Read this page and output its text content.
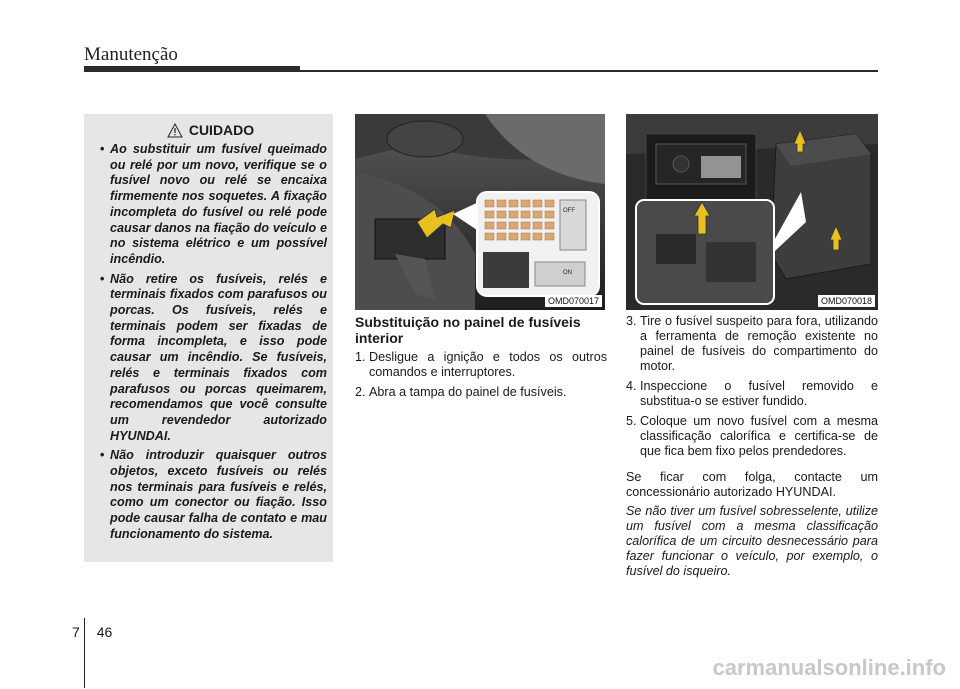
Manutenção
CUIDADO
• Ao substituir um fusível queimado ou relé por um novo, verifique se o fusível novo ou relé se encaixa firmemente nos soquetes. A fixação incompleta do fusível ou relé pode causar danos na fiação do veículo e no sistema elétrico e um possível incêndio.
• Não retire os fusíveis, relés e terminais fixados com parafusos ou porcas. Os fusíveis, relés e terminais podem ser fixadas de forma incompleta, e isso pode causar um incêndio. Se fusíveis, relés e terminais fixados com parafusos ou porcas queimarem, recomendamos que você consulte um revendedor autorizado HYUNDAI.
• Não introduzir quaisquer outros objetos, exceto fusíveis ou relés nos terminais para fusíveis e relés, como um conector ou fiação. Isso pode causar falha de contato e mau funcionamento do sistema.
OFF
ON
OMD070017	OMD070018
Substituição no painel de fusíveis interior
1. Desligue a ignição e todos os outros comandos e interruptores.
2. Abra a tampa do painel de fusíveis.
3. Tire o fusível suspeito para fora, utilizando a ferramenta de remoção existente no painel de fusíveis do compartimento do motor.
4. Inspeccione o fusível removido e substitua-o se estiver fundido.
5. Coloque um novo fusível com a mesma classificação calorífica e certifica-se de que fica bem fixo pelos prendedores.
Se ficar com folga, contacte um concessionário autorizado HYUNDAI.
Se não tiver um fusível sobresselente, utilize um fusível com a mesma classificação calorífica de um circuito desnecessário para fazer funcionar o veículo, por exemplo, o fusível do isqueiro.
7 46
carmanualsonline.info
